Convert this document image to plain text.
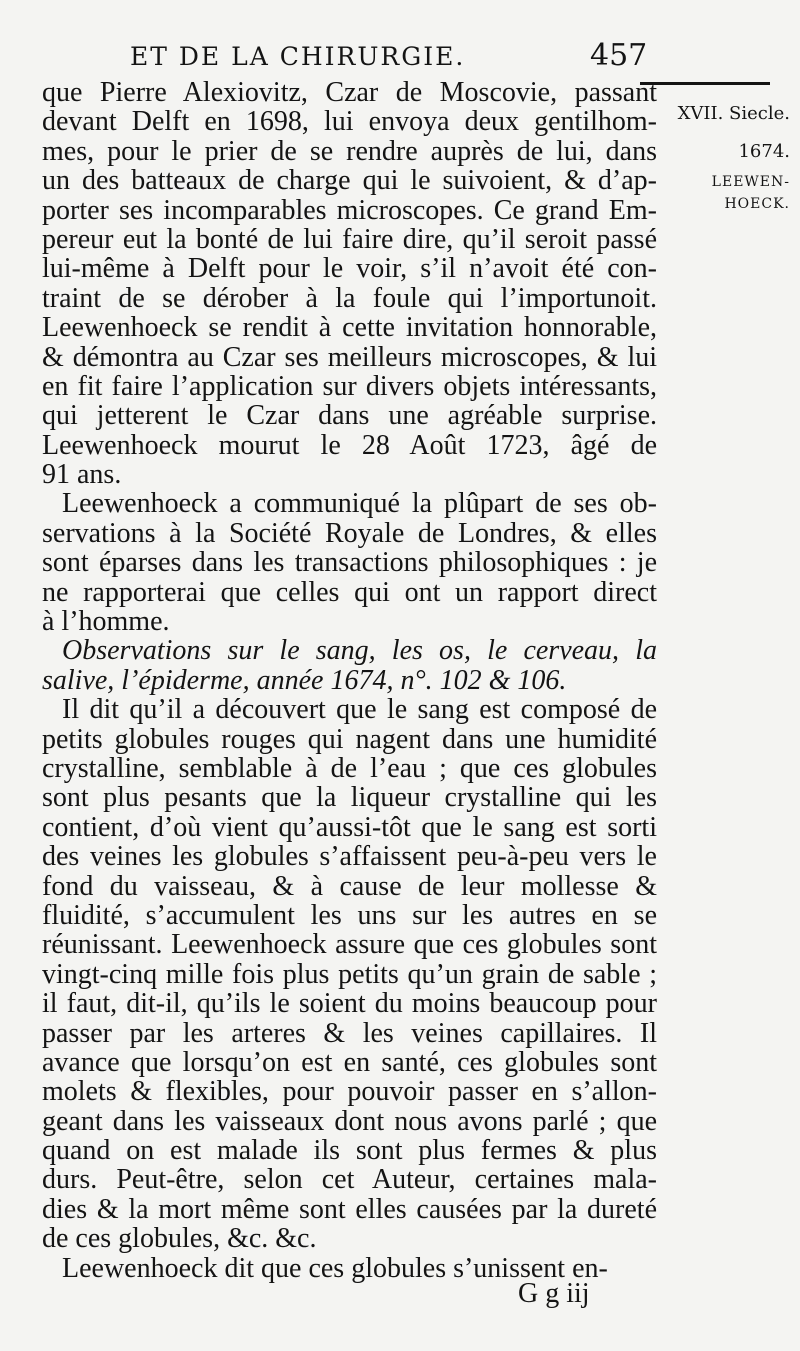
ET DE LA CHIRURGIE.	457
XVII. Siecle.
1674.
LEEWEN-
HOECK.
que Pierre Alexiovitz, Czar de Moscovie, passant
devant Delft en 1698, lui envoya deux gentilhom-
mes, pour le prier de se rendre auprès de lui, dans
un des batteaux de charge qui le suivoient, & d’ap-
porter ses incomparables microscopes. Ce grand Em-
pereur eut la bonté de lui faire dire, qu’il seroit passé
lui-même à Delft pour le voir, s’il n’avoit été con-
traint de se dérober à la foule qui l’importunoit.
Leewenhoeck se rendit à cette invitation honnorable,
& démontra au Czar ses meilleurs microscopes, & lui
en fit faire l’application sur divers objets intéressants,
qui jetterent le Czar dans une agréable surprise.
Leewenhoeck mourut le 28 Août 1723, âgé de
91 ans.
Leewenhoeck a communiqué la plûpart de ses ob-
servations à la Société Royale de Londres, & elles
sont éparses dans les transactions philosophiques : je
ne rapporterai que celles qui ont un rapport direct
à l’homme.
Observations sur le sang, les os, le cerveau, la
salive, l’épiderme, année 1674, n°. 102 & 106.
Il dit qu’il a découvert que le sang est composé de
petits globules rouges qui nagent dans une humidité
crystalline, semblable à de l’eau ; que ces globules
sont plus pesants que la liqueur crystalline qui les
contient, d’où vient qu’aussi-tôt que le sang est sorti
des veines les globules s’affaissent peu-à-peu vers le
fond du vaisseau, & à cause de leur mollesse &
fluidité, s’accumulent les uns sur les autres en se
réunissant. Leewenhoeck assure que ces globules sont
vingt-cinq mille fois plus petits qu’un grain de sable ;
il faut, dit-il, qu’ils le soient du moins beaucoup pour
passer par les arteres & les veines capillaires. Il
avance que lorsqu’on est en santé, ces globules sont
molets & flexibles, pour pouvoir passer en s’allon-
geant dans les vaisseaux dont nous avons parlé ; que
quand on est malade ils sont plus fermes & plus
durs. Peut-être, selon cet Auteur, certaines mala-
dies & la mort même sont elles causées par la dureté
de ces globules, &c. &c.
Leewenhoeck dit que ces globules s’unissent en-
G g iij
